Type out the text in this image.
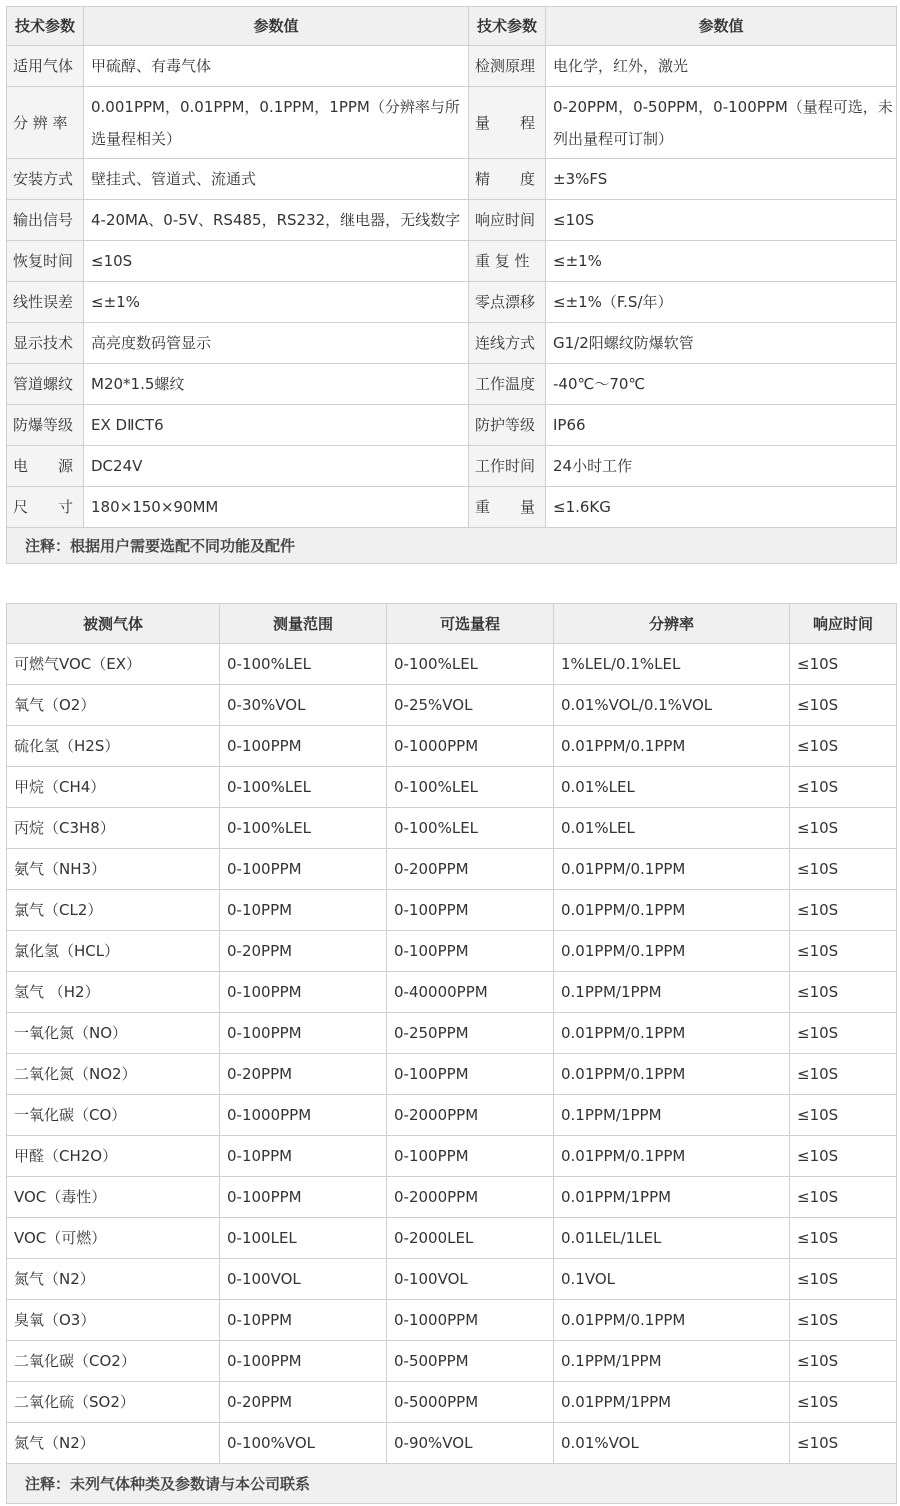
技术参数	参数值	技术参数	参数值
适用气体	甲硫醇、有毒气体	检测原理	电化学，红外，激光
分 辨 率	0.001PPM，0.01PPM，0.1PPM，1PPM（分辨率与所选量程相关）	量　　程	0-20PPM，0-50PPM，0-100PPM（量程可选，未列出量程可订制）
安装方式	壁挂式、管道式、流通式	精　　度	±3%FS
输出信号	4-20MA、0-5V、RS485，RS232，继电器，无线数字	响应时间	≤10S
恢复时间	≤10S	重 复 性	≤±1%
线性误差	≤±1%	零点漂移	≤±1%（F.S/年）
显示技术	高亮度数码管显示	连线方式	G1/2阳螺纹防爆软管
管道螺纹	M20*1.5螺纹	工作温度	-40℃～70℃
防爆等级	EX DⅡCT6	防护等级	IP66
电　　源	DC24V	工作时间	24小时工作
尺　　寸	180×150×90MM	重　　量	≤1.6KG
注释：根据用户需要选配不同功能及配件			
被测气体	测量范围	可选量程	分辨率	响应时间
可燃气VOC（EX）	0-100%LEL	0-100%LEL	1%LEL/0.1%LEL	≤10S
氧气（O2）	0-30%VOL	0-25%VOL	0.01%VOL/0.1%VOL	≤10S
硫化氢（H2S）	0-100PPM	0-1000PPM	0.01PPM/0.1PPM	≤10S
甲烷（CH4）	0-100%LEL	0-100%LEL	0.01%LEL	≤10S
丙烷（C3H8）	0-100%LEL	0-100%LEL	0.01%LEL	≤10S
氨气（NH3）	0-100PPM	0-200PPM	0.01PPM/0.1PPM	≤10S
氯气（CL2）	0-10PPM	0-100PPM	0.01PPM/0.1PPM	≤10S
氯化氢（HCL）	0-20PPM	0-100PPM	0.01PPM/0.1PPM	≤10S
氢气 （H2）	0-100PPM	0-40000PPM	0.1PPM/1PPM	≤10S
一氧化氮（NO）	0-100PPM	0-250PPM	0.01PPM/0.1PPM	≤10S
二氧化氮（NO2）	0-20PPM	0-100PPM	0.01PPM/0.1PPM	≤10S
一氧化碳（CO）	0-1000PPM	0-2000PPM	0.1PPM/1PPM	≤10S
甲醛（CH2O）	0-10PPM	0-100PPM	0.01PPM/0.1PPM	≤10S
VOC（毒性）	0-100PPM	0-2000PPM	0.01PPM/1PPM	≤10S
VOC（可燃）	0-100LEL	0-2000LEL	0.01LEL/1LEL	≤10S
氮气（N2）	0-100VOL	0-100VOL	0.1VOL	≤10S
臭氧（O3）	0-10PPM	0-1000PPM	0.01PPM/0.1PPM	≤10S
二氧化碳（CO2）	0-100PPM	0-500PPM	0.1PPM/1PPM	≤10S
二氧化硫（SO2）	0-20PPM	0-5000PPM	0.01PPM/1PPM	≤10S
氮气（N2）	0-100%VOL	0-90%VOL	0.01%VOL	≤10S
注释：未列气体种类及参数请与本公司联系				
